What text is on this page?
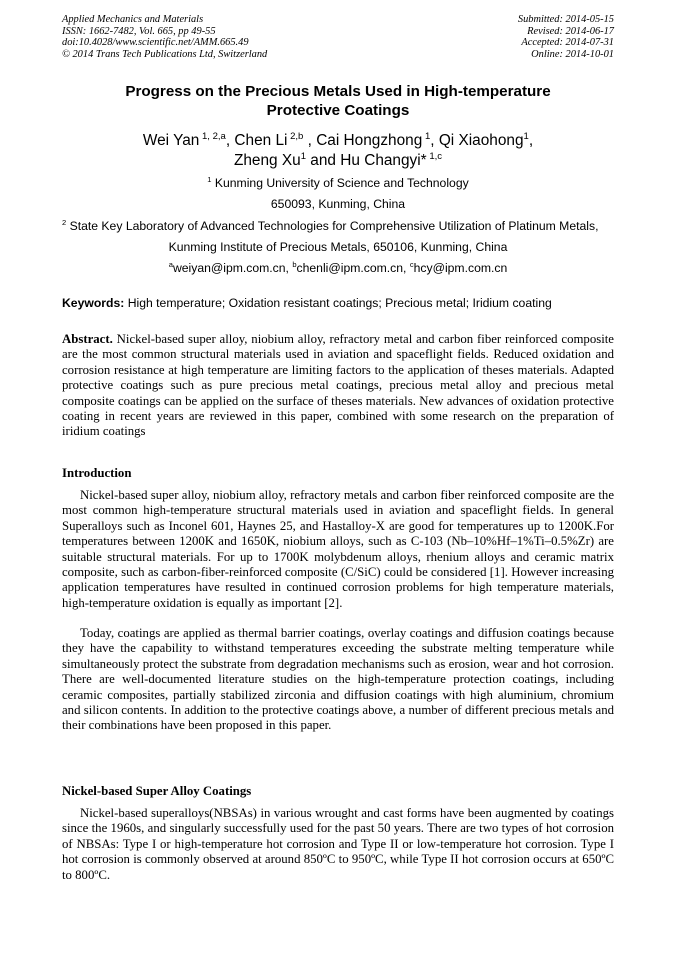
Applied Mechanics and Materials
ISSN: 1662-7482, Vol. 665, pp 49-55
doi:10.4028/www.scientific.net/AMM.665.49
© 2014 Trans Tech Publications Ltd, Switzerland
Submitted: 2014-05-15
Revised: 2014-06-17
Accepted: 2014-07-31
Online: 2014-10-01
Progress on the Precious Metals Used in High-temperature
Protective Coatings
Wei Yan $^{1, 2,a}$, Chen Li $^{2,b}$ , Cai Hongzhong $^1$, Qi Xiaohong$^1$,
Zheng Xu$^1$ and Hu Changyi* $^{1,c}$
$^1$ Kunming University of Science and Technology
650093, Kunming, China
$^2$ State Key Laboratory of Advanced Technologies for Comprehensive Utilization of Platinum Metals,
Kunming Institute of Precious Metals, 650106, Kunming, China
$^a$weiyan@ipm.com.cn, $^b$chenli@ipm.com.cn, $^c$hcy@ipm.com.cn
Keywords: High temperature; Oxidation resistant coatings; Precious metal; Iridium coating
Abstract. Nickel-based super alloy, niobium alloy, refractory metal and carbon fiber reinforced composite are the most common structural materials used in aviation and spaceflight fields. Reduced oxidation and corrosion resistance at high temperature are limiting factors to the application of theses materials. Adapted protective coatings such as pure precious metal coatings, precious metal alloy and precious metal composite coatings can be applied on the surface of theses materials. New advances of oxidation protective coating in recent years are reviewed in this paper, combined with some research on the preparation of iridium coatings
Introduction
Nickel-based super alloy, niobium alloy, refractory metals and carbon fiber reinforced composite are the most common high-temperature structural materials used in aviation and spaceflight fields. In general Superalloys such as Inconel 601, Haynes 25, and Hastalloy-X are good for temperatures up to 1200K.For temperatures between 1200K and 1650K, niobium alloys, such as C-103 (Nb–10%Hf–1%Ti–0.5%Zr) are suitable structural materials. For up to 1700K molybdenum alloys, rhenium alloys and ceramic matrix composite, such as carbon-fiber-reinforced composite (C/SiC) could be considered [1]. However increasing application temperatures have resulted in continued corrosion problems for high temperature materials, high-temperature oxidation is equally as important [2].
Today, coatings are applied as thermal barrier coatings, overlay coatings and diffusion coatings because they have the capability to withstand temperatures exceeding the substrate melting temperature while simultaneously protect the substrate from degradation mechanisms such as erosion, wear and hot corrosion. There are well-documented literature studies on the high-temperature protection coatings, including ceramic composites, partially stabilized zirconia and diffusion coatings with high aluminium, chromium and silicon contents. In addition to the protective coatings above, a number of different precious metals and their combinations have been proposed in this paper.
Nickel-based Super Alloy Coatings
Nickel-based superalloys(NBSAs) in various wrought and cast forms have been augmented by coatings since the 1960s, and singularly successfully used for the past 50 years. There are two types of hot corrosion of NBSAs: Type I or high-temperature hot corrosion and Type II or low-temperature hot corrosion. Type I hot corrosion is commonly observed at around 850ºC to 950ºC, while Type II hot corrosion occurs at 650ºC to 800ºC.
